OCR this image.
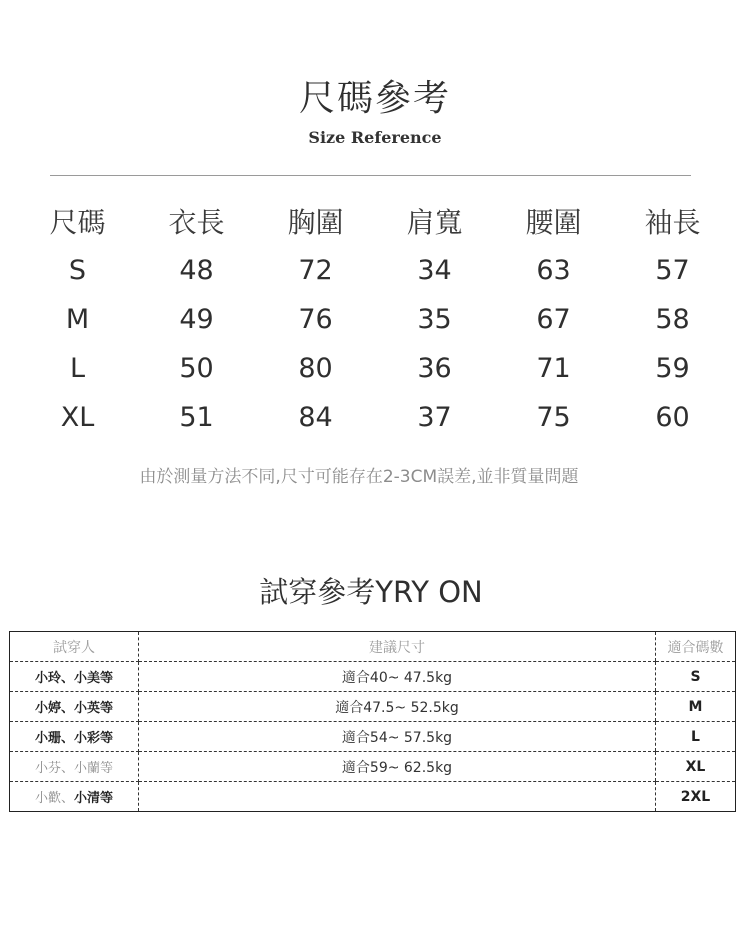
尺碼參考
Size Reference
尺碼	衣長	胸圍	肩寬	腰圍	袖長
S	48	72	34	63	57
M	49	76	35	67	58
L	50	80	36	71	59
XL	51	84	37	75	60
由於測量方法不同,尺寸可能存在2-3CM誤差,並非質量問題
試穿參考YRY ON
試穿人	建議尺寸	適合碼數
小玲、小美等	適合40~ 47.5kg	S
小婷、小英等	適合47.5~ 52.5kg	M
小珊、小彩等	適合54~ 57.5kg	L
小芬、小蘭等	適合59~ 62.5kg	XL
小歡、小清等		2XL
